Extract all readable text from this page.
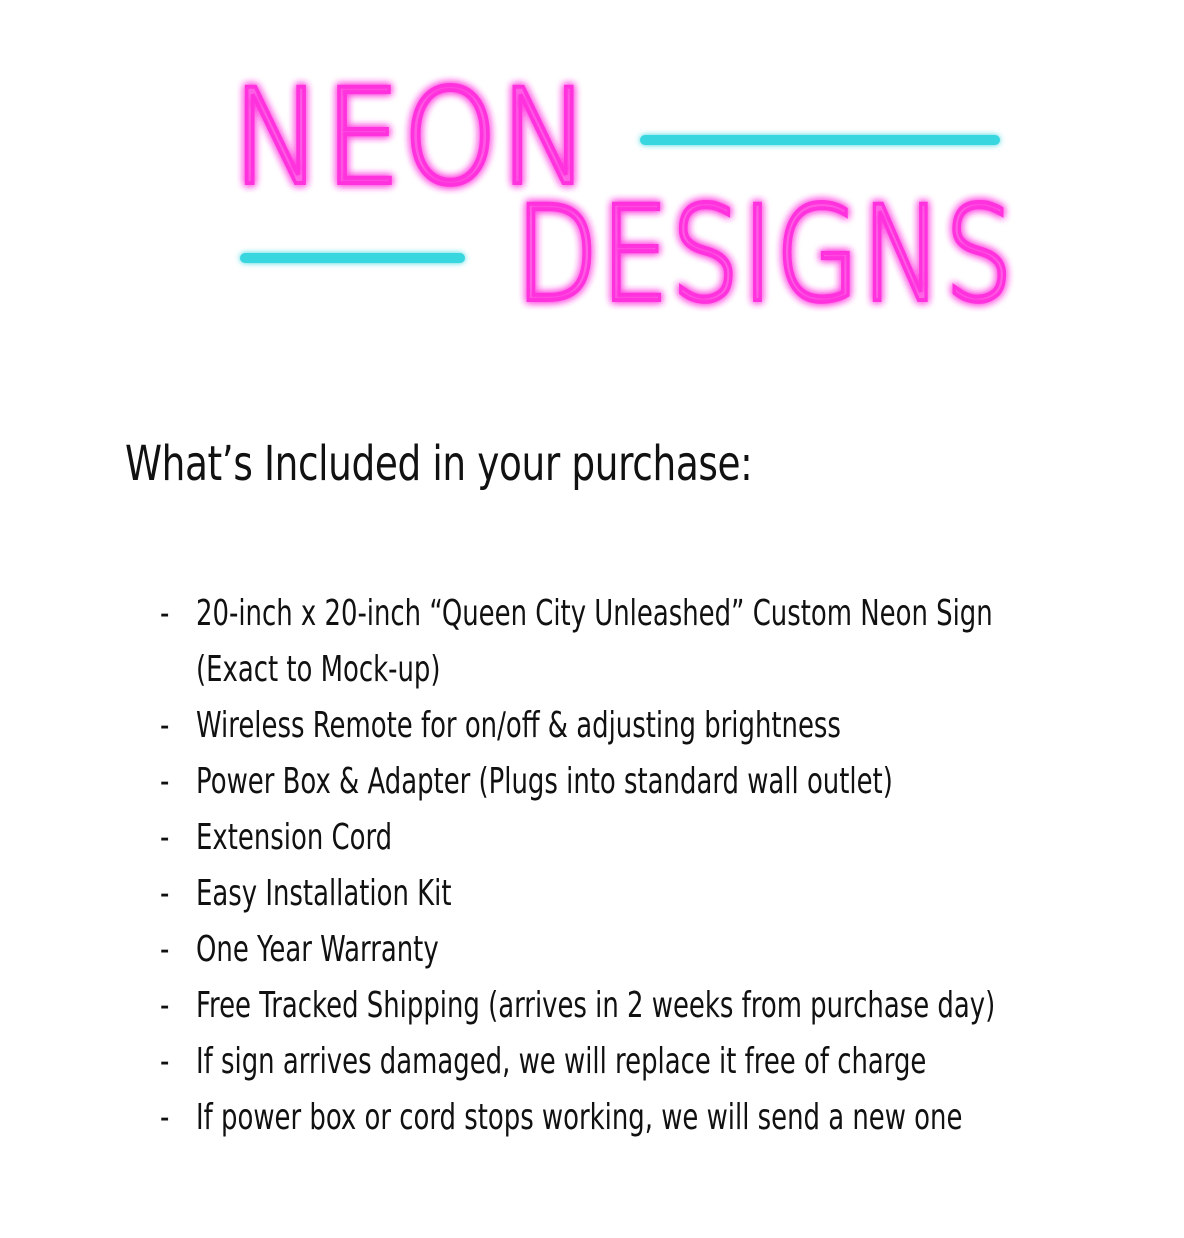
NEON
DESIGNS
What’s Included in your purchase:
- 20-inch x 20-inch “Queen City Unleashed” Custom Neon Sign
(Exact to Mock-up)
- Wireless Remote for on/off & adjusting brightness
- Power Box & Adapter (Plugs into standard wall outlet)
- Extension Cord
- Easy Installation Kit
- One Year Warranty
- Free Tracked Shipping (arrives in 2 weeks from purchase day)
- If sign arrives damaged, we will replace it free of charge
- If power box or cord stops working, we will send a new one
